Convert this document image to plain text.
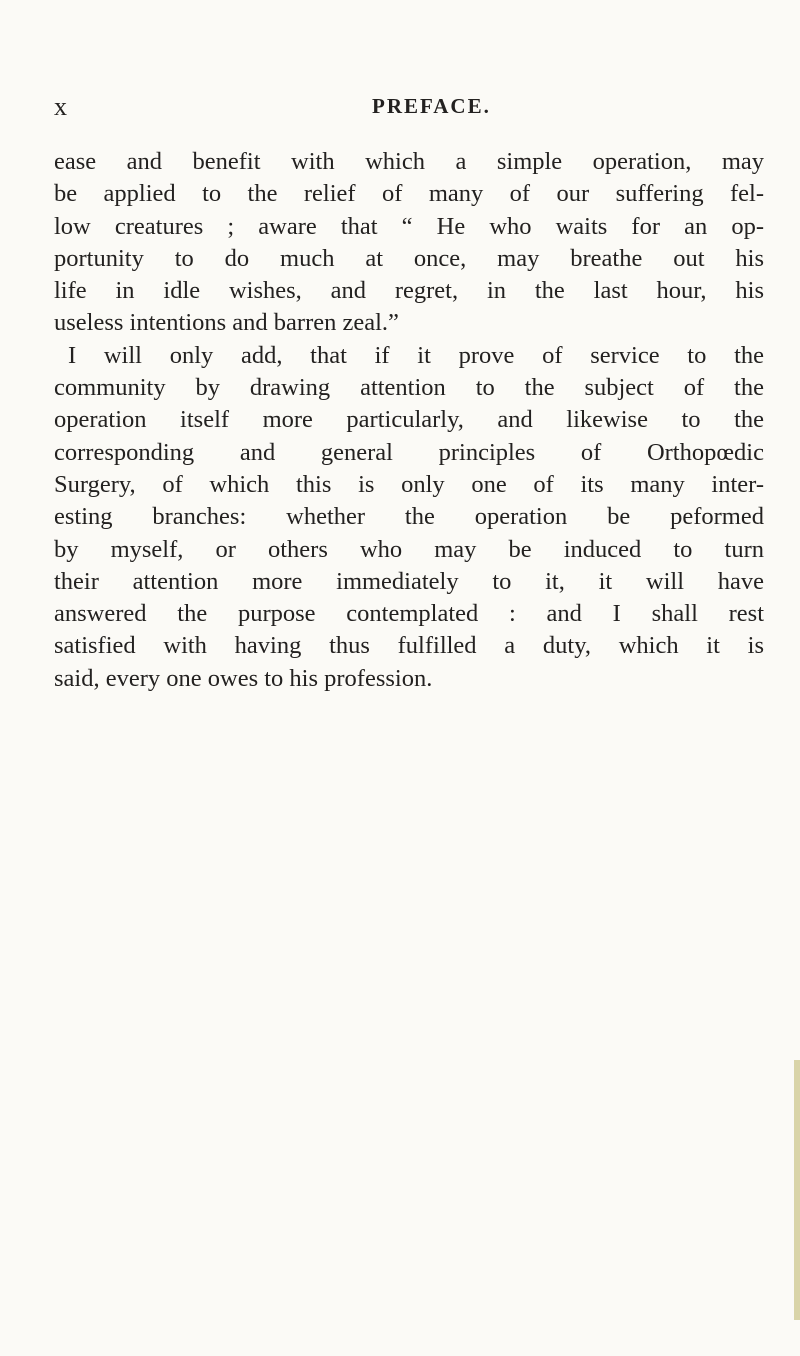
x	PREFACE.
ease and benefit with which a simple operation, may
be applied to the relief of many of our suffering fel-
low creatures ; aware that “ He who waits for an op-
portunity to do much at once, may breathe out his
life in idle wishes, and regret, in the last hour, his
useless intentions and barren zeal.”
I will only add, that if it prove of service to the
community by drawing attention to the subject of the
operation itself more particularly, and likewise to the
corresponding and general principles of Orthopœdic
Surgery, of which this is only one of its many inter-
esting branches: whether the operation be peformed
by myself, or others who may be induced to turn
their attention more immediately to it, it will have
answered the purpose contemplated : and I shall rest
satisfied with having thus fulfilled a duty, which it is
said, every one owes to his profession.
